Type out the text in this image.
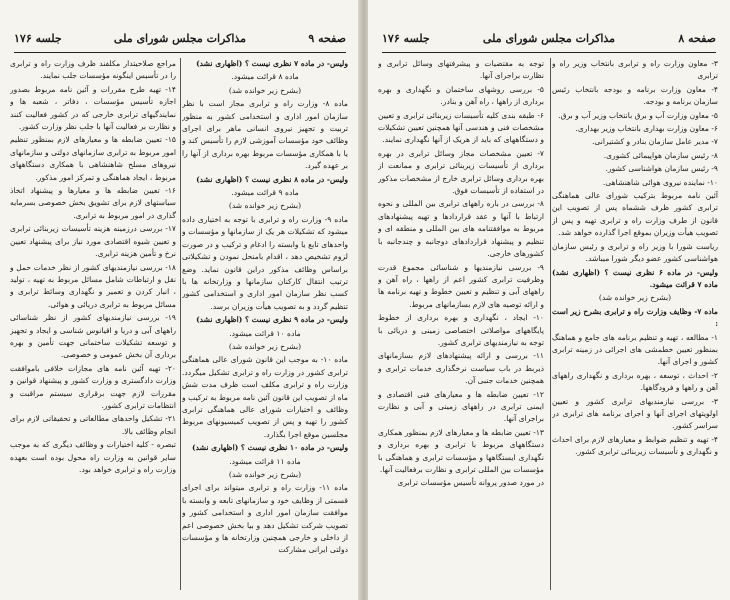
صفحه ۹
مذاکرات مجلس شورای ملی
جلسه ۱۷۶

ولیس- در ماده ۷ نظری نیست ؟ (اظهاری نشد)

ماده ۸ قرائت میشود.

(بشرح زیر خوانده شد)

ماده ۸- وزارت راه و ترابری مجاز است با نظر سازمان امور اداری و استخدامی کشور به منظور تربیت و تجهیز نیروی انسانی ماهر برای اجرای وظائف خود مؤسسات آموزشی لازم را تأسیس کند و یا با همکاری مؤسسات مربوط بهره برداری از آنها را بر عهده گیرد.

ولیس- در ماده ۸ نظری نیست ؟ (اظهاری نشد)

ماده ۹ قرائت میشود.

(بشرح زیر خوانده شد)

ماده ۹- وزارت راه و ترابری با توجه به اختیاری داده میشود که تشکیلات هر یک از سازمانها و مؤسسات و واحدهای تابع یا وابسته را ادغام و ترکیب و در صورت لزوم تشخیص دهد ، اقدام بامنحل نمودن و تشکیلاتی براساس وظائف مذکور دراین قانون نماید. وضع ترتیب انتقال کارکنان سازمانها و وزارتخانه ها با کسب نظر سازمان امور اداری و استخدامی کشور تنظیم گردد و به تصویب هیأت وزیران برسد.

ولیس- در ماده ۹ نظری نیست ؟ (اظهاری نشد)

ماده ۱۰ قرائت میشود.

(بشرح زیر خوانده شد)

ماده ۱۰- به موجب این قانون شورای عالی هماهنگی ترابری کشور در وزارت راه و ترابری تشکیل میگردد. وزارت راه و ترابری مکلف است ظرف مدت شش ماه از تصویب این قانون آئین نامه مربوط به ترکیب و وظائف و اختیارات شورای عالی هماهنگی ترابری کشور را تهیه و پس از تصویب کمیسیونهای مربوط مجلسین موقع اجرا بگذارد.

ولیس- در ماده ۱۰ نظری نیست ؟ (اظهاری نشد)

ماده ۱۱ قرائت میشود.

(بشرح زیر خوانده شد)

ماده ۱۱- وزارت راه و ترابری میتواند برای اجرای قسمتی از وظایف خود و سازمانهای تابعه و وابسته با موافقت سازمان امور اداری و استخدامی کشور و تصویب شرکت تشکیل دهد و بیا بخش خصوصی اعم از داخلی و خارجی همچنین وزارتخانه ها و مؤسسات دولتی ایرانی مشارکت

مراجع صلاحیتدار مکلفند ظرف وزارت راه و ترابری را در تأسیس اینگونه مؤسسات جلب نمایند.

۱۴- تهیه طرح مقررات و آئین نامه مربوط بصدور اجازه تأسیس مؤسسات ، دفاتر ، شعبه ها و نمایندگیهای ترابری خارجی که در کشور فعالیت کنند و نظارت بر فعالیت آنها با جلب نظر وزارت کشور.

۱۵- تعیین ضابطه ها و معیارهای لازم بمنظور تنظیم امور مربوط به ترابری سازمانهای دولتی و سازمانهای نیروهای مسلح شاهنشاهی با همکاری دستگاههای مربوط ، ایجاد هماهنگی و تمرکز امور مذکور.

۱۶- تعیین ضابطه ها و معیارها و پیشنهاد اتخاذ سیاستهای لازم برای تشویق بخش خصوصی بسرمایه گذاری در امور مربوط به ترابری.

۱۷- بررسی درزمینه هزینه تأسیسات زیربنائی ترابری و تعیین شیوه اقتصادی مورد نیاز برای پیشنهاد تعیین نرخ و تأمین هزینه ترابری.

۱۸- بررسی نیازمندیهای کشور از نظر خدمات حمل و نقل و ارتباطات شامل مسائل مربوط به تهیه ، تولید ، انبار کردن و تعمیر و نگهداری وسائط ترابری و مسائل مربوط به ترابری دریائی و هوائی.

۱۹- بررسی نیازمندیهای کشور از نظر شناسائی راههای آبی و دریا و اقیانوس شناسی و ایجاد و تجهیز و توسعه تشکیلات ساختمانی جهت تأمین و بهره برداری آن بخش عمومی و خصوصی.

۲۰- تهیه آئین نامه های مجازات خلافی باموافقت وزارت دادگستری و وزارت کشور و پیشنهاد قوانین و مقررات لازم جهت برقراری سیستم مراقبت و انتظامات ترابری کشور.

۲۱- تشکیل واحدهای مطالعاتی و تحقیقاتی لازم برای انجام وظائف بالا.

تبصره - کلیه اختیارات و وظائف دیگری که به موجب سایر قوانین به وزارت راه محول بوده است بعهده وزارت راه و ترابری خواهد بود.

صفحه ۸
مذاکرات مجلس شورای ملی
جلسه ۱۷۶

۳- معاون وزارت راه و ترابری بانتخاب وزیر راه و ترابری

۴- معاون وزارت برنامه و بودجه بانتخاب رئیس سازمان برنامه و بودجه.

۵- معاون وزارت آب و برق بانتخاب وزیر آب و برق.

۶- معاون وزارت بهداری بانتخاب وزیر بهداری.

۷- مدیر عامل سازمان بنادر و کشتیرانی.

۸- رئیس سازمان هواپیمائی کشوری.

۹- رئیس سازمان هواشناسی کشور.

۱۰- نماینده نیروی هوائی شاهنشاهی.

آئین نامه مربوط بترکیب شورای عالی هماهنگی ترابری کشور ظرف ششماه پس از تصویب این قانون از طرف وزارت راه و ترابری تهیه و پس از تصویب هیأت وزیران بموقع اجرا گذارده خواهد شد.

ریاست شورا با وزیر راه و ترابری و رئیس سازمان هواشناسی کشور عضو دیگر شورا میباشد.

ولیس- در ماده ۶ نظری نیست ؟ (اظهاری نشد) ماده ۷ قرائت میشود.

(بشرح زیر خوانده شد)

ماده ۷- وظایف وزارت راه و ترابری بشرح زیر است :

۱- مطالعه ، تهیه و تنظیم برنامه های جامع و هماهنگ بمنظور تعیین خطمشی های اجرائی در زمینه ترابری کشور و اجرای آنها.

۲- احداث ، توسعه ، بهره برداری و نگهداری راههای آهن و راهها و فرودگاهها.

۳- بررسی نیازمندیهای ترابری کشور و تعیین اولویتهای اجرای آنها و اجرای برنامه های ترابری در سراسر کشور.

۴- تهیه و تنظیم ضوابط و معیارهای لازم برای احداث و نگهداری و تأسیسات زیربنائی ترابری کشور.

توجه به مقتضیات و پیشرفتهای وسائل ترابری و نظارت براجرای آنها.

۵- بررسی روشهای ساختمان و نگهداری و بهره برداری از راهها ، راه آهن و بنادر.

۶- طبقه بندی کلیه تأسیسات زیربنائی ترابری و تعیین مشخصات فنی و هندسی آنها همچنین تعیین تشکیلات و دستگاههای که باید از هریک از آنها نگهداری نمایند.

۷- تعیین مشخصات مجاز وسائل ترابری در بهره برداری از تأسیسات زیربنائی ترابری و ممانعت از بهره برداری وسائل ترابری خارج از مشخصات مذکور در استفاده از تأسیسات فوق.

۸- بررسی در باره راههای ترابری بین المللی و نحوه ارتباط با آنها و عقد قراردادها و تهیه پیشنهادهای مربوط به موافقتنامه های بین المللی و منطقه ای و تنظیم و پیشنهاد قراردادهای دوجانبه و چندجانبه با کشورهای خارجی.

۹- بررسی نیازمندیها و شناسائی مجموع قدرت وظرفیت ترابری کشور اعم از راهها ، راه آهن و راههای آبی و تنظیم و تعیین خطوط و تهیه برنامه ها و ارائه توصیه های لازم بسازمانهای مربوط.

۱۰- ایجاد ، نگهداری و بهره برداری از خطوط پایگاههای مواصلاتی اختصاصی زمینی و دریائی با توجه به نیازمندیهای ترابری کشور.

۱۱- بررسی و ارائه پیشنهادهای لازم بسازمانهای ذیربط در باب سیاست نرخگذاری خدمات ترابری و همچنین خدمات جنبی آن.

۱۲- تعیین ضابطه ها و معیارهای فنی اقتصادی و ایمنی ترابری در راههای زمینی و آبی و نظارت براجرای آنها.

۱۳- تعیین ضابطه ها و معیارهای لازم بمنظور همکاری دستگاههای مربوط با ترابری و بهره برداری و نگهداری ایستگاهها و مؤسسات ترابری و هماهنگی با مؤسسات بین المللی ترابری و نظارت برفعالیت آنها.

در مورد صدور پروانه تأسیس مؤسسات ترابری
